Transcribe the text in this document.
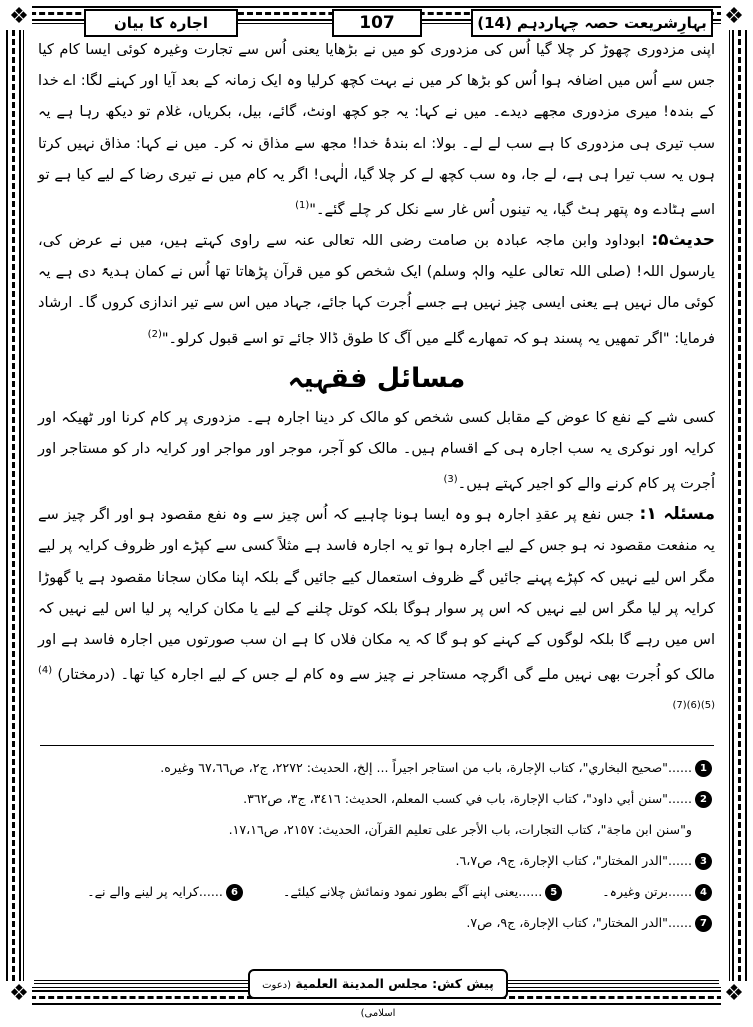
❖	❖
❖	❖
بہارِشریعت حصہ چہاردہم (14)
107
اجارہ کا بیان

اپنی مزدوری چھوڑ کر چلا گیا اُس کی مزدوری کو میں نے بڑھایا یعنی اُس سے تجارت وغیرہ کوئی ایسا کام کیا جس سے اُس میں اضافہ ہوا اُس کو بڑھا کر میں نے بہت کچھ کرلیا وہ ایک زمانہ کے بعد آیا اور کہنے لگا: اے خدا کے بندہ! میری مزدوری مجھے دیدے۔ میں نے کہا: یہ جو کچھ اونٹ، گائے، بیل، بکریاں، غلام تو دیکھ رہا ہے یہ سب تیری ہی مزدوری کا ہے سب لے لے۔ بولا: اے بندۂ خدا! مجھ سے مذاق نہ کر۔ میں نے کہا: مذاق نہیں کرتا ہوں یہ سب تیرا ہی ہے، لے جا، وہ سب کچھ لے کر چلا گیا، الٰہی! اگر یہ کام میں نے تیری رضا کے لیے کیا ہے تو اسے ہٹادے وہ پتھر ہٹ گیا، یہ تینوں اُس غار سے نکل کر چلے گئے۔"$^{(1)}$

حدیث۵: ابوداود وابن ماجہ عبادہ بن صامت رضی اللہ تعالی عنہ سے راوی کہتے ہیں، میں نے عرض کی، یارسول اللہ! (صلی اللہ تعالی علیہ والہٖ وسلم) ایک شخص کو میں قرآن پڑھاتا تھا اُس نے کمان ہدیۃً دی ہے یہ کوئی مال نہیں ہے یعنی ایسی چیز نہیں ہے جسے اُجرت کہا جائے، جہاد میں اس سے تیر اندازی کروں گا۔ ارشاد فرمایا: "اگر تمھیں یہ پسند ہو کہ تمھارے گلے میں آگ کا طوق ڈالا جائے تو اسے قبول کرلو۔"$^{(2)}$

مسائل فقہیہ

کسی شے کے نفع کا عوض کے مقابل کسی شخص کو مالک کر دینا اجارہ ہے۔ مزدوری پر کام کرنا اور ٹھیکہ اور کرایہ اور نوکری یہ سب اجارہ ہی کے اقسام ہیں۔ مالک کو آجر، موجر اور مواجر اور کرایہ دار کو مستاجر اور اُجرت پر کام کرنے والے کو اجیر کہتے ہیں۔$^{(3)}$

مسئلہ ۱: جس نفع پر عقدِ اجارہ ہو وہ ایسا ہونا چاہیے کہ اُس چیز سے وہ نفع مقصود ہو اور اگر چیز سے یہ منفعت مقصود نہ ہو جس کے لیے اجارہ ہوا تو یہ اجارہ فاسد ہے مثلاً کسی سے کپڑے اور ظروف کرایہ پر لیے مگر اس لیے نہیں کہ کپڑے پہنے جائیں گے ظروف استعمال کیے جائیں گے بلکہ اپنا مکان سجانا مقصود ہے یا گھوڑا کرایہ پر لیا مگر اس لیے نہیں کہ اس پر سوار ہوگا بلکہ کوتل چلنے کے لیے یا مکان کرایہ پر لیا اس لیے نہیں کہ اس میں رہے گا بلکہ لوگوں کے کہنے کو ہو گا کہ یہ مکان فلاں کا ہے ان سب صورتوں میں اجارہ فاسد ہے اور مالک کو اُجرت بھی نہیں ملے گی اگرچہ مستاجر نے چیز سے وہ کام لے جس کے لیے اجارہ کیا تھا۔ (درمختار) $^{(4)(5)(6)(7)}$

1......"صحيح البخاري"، كتاب الإجارة، باب من استاجر اجيراً ... إلخ، الحديث: ٢٢٧٢، ج٢، ص٦٧،٦٦ وغيره.
2......"سنن أبي داود"، كتاب الإجارة، باب في كسب المعلم، الحديث: ٣٤١٦، ج٣، ص٣٦٢.
و"سنن ابن ماجة"، كتاب التجارات، باب الأجر على تعليم القرآن، الحديث: ٢١٥٧، ص١٧،١٦.
3......"الدر المختار"، كتاب الإجارة، ج٩، ص٦،٧.
4......برتن وغیرہ۔ 5......یعنی اپنے آگے بطور نمود ونمائش چلانے کیلئے۔ 6......کرایہ پر لینے والے نے۔
7......"الدر المختار"، كتاب الإجارة، ج٩، ص٧.
پیش کش: مجلس المدينة العلمية (دعوت اسلامی)
